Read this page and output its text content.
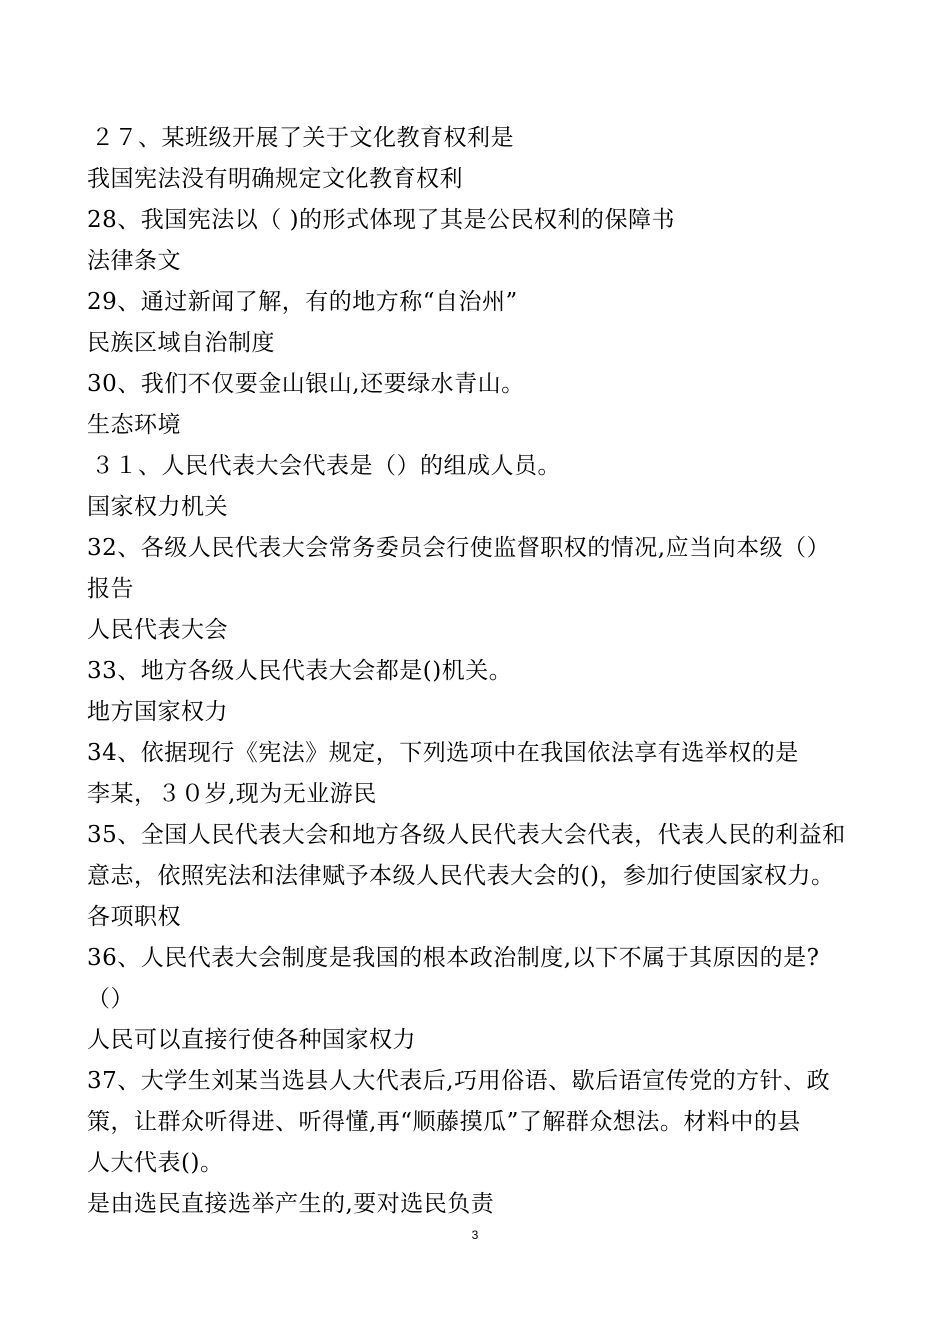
２７、某班级开展了关于文化教育权利是
我国宪法没有明确规定文化教育权利
28、我国宪法以（ )的形式体现了其是公民权利的保障书
法律条文
29、通过新闻了解，有的地方称“自治州”
民族区域自治制度
30、我们不仅要金山银山,还要绿水青山。
生态环境
３１、人民代表大会代表是（）的组成人员。
国家权力机关
32、各级人民代表大会常务委员会行使监督职权的情况,应当向本级（）
报告
人民代表大会
33、地方各级人民代表大会都是()机关。
地方国家权力
34、依据现行《宪法》规定，下列选项中在我国依法享有选举权的是
李某，３０岁,现为无业游民
35、全国人民代表大会和地方各级人民代表大会代表，代表人民的利益和
意志，依照宪法和法律赋予本级人民代表大会的()，参加行使国家权力。
各项职权
36、人民代表大会制度是我国的根本政治制度,以下不属于其原因的是?
（）
人民可以直接行使各种国家权力
37、大学生刘某当选县人大代表后,巧用俗语、歇后语宣传党的方针、政
策，让群众听得进、听得懂,再“顺藤摸瓜”了解群众想法。材料中的县
人大代表()。
是由选民直接选举产生的,要对选民负责
3
